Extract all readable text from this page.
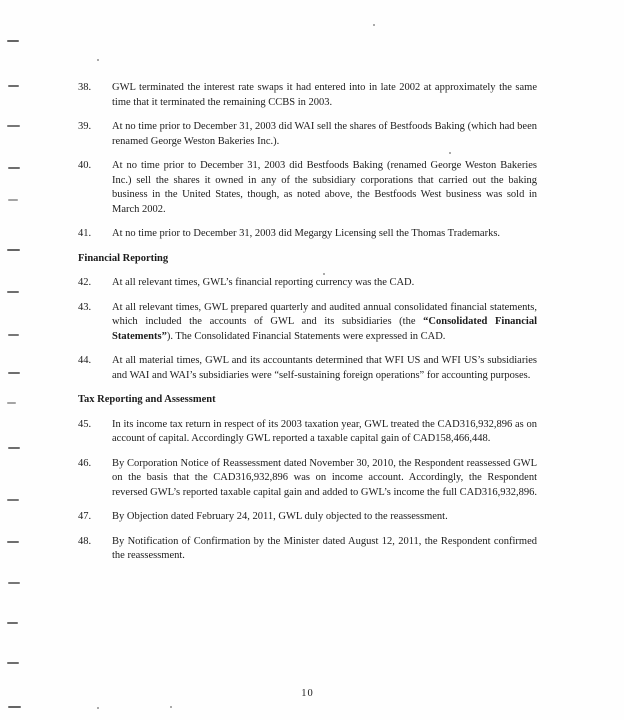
38.	GWL terminated the interest rate swaps it had entered into in late 2002 at approximately the same time that it terminated the remaining CCBS in 2003.
39.	At no time prior to December 31, 2003 did WAI sell the shares of Bestfoods Baking (which had been renamed George Weston Bakeries Inc.).
40.	At no time prior to December 31, 2003 did Bestfoods Baking (renamed George Weston Bakeries Inc.) sell the shares it owned in any of the subsidiary corporations that carried out the baking business in the United States, though, as noted above, the Bestfoods West business was sold in March 2002.
41.	At no time prior to December 31, 2003 did Megargy Licensing sell the Thomas Trademarks.
Financial Reporting
42.	At all relevant times, GWL’s financial reporting currency was the CAD.
43.	At all relevant times, GWL prepared quarterly and audited annual consolidated financial statements, which included the accounts of GWL and its subsidiaries (the “Consolidated Financial Statements”). The Consolidated Financial Statements were expressed in CAD.
44.	At all material times, GWL and its accountants determined that WFI US and WFI US’s subsidiaries and WAI and WAI’s subsidiaries were “self-sustaining foreign operations” for accounting purposes.
Tax Reporting and Assessment
45.	In its income tax return in respect of its 2003 taxation year, GWL treated the CAD316,932,896 as on account of capital. Accordingly GWL reported a taxable capital gain of CAD158,466,448.
46.	By Corporation Notice of Reassessment dated November 30, 2010, the Respondent reassessed GWL on the basis that the CAD316,932,896 was on income account. Accordingly, the Respondent reversed GWL’s reported taxable capital gain and added to GWL’s income the full CAD316,932,896.
47.	By Objection dated February 24, 2011, GWL duly objected to the reassessment.
48.	By Notification of Confirmation by the Minister dated August 12, 2011, the Respondent confirmed the reassessment.
10
